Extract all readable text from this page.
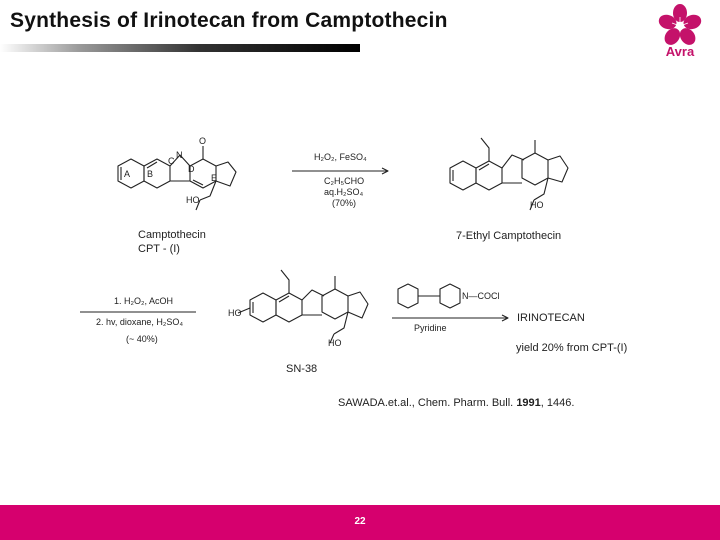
Synthesis of Irinotecan from Camptothecin
Avra
A B
C
D
E
N
O
HO	HO
HO
HO
N—COCl
H₂O₂, FeSO₄
C₂H₅CHO
aq.H₂SO₄
(70%)
1. H₂O₂, AcOH
2. hv, dioxane, H₂SO₄
(~ 40%)
Pyridine
Camptothecin
CPT - (I)
7-Ethyl Camptothecin
IRINOTECAN
yield 20% from CPT-(I)
SN-38
SAWADA.et.al., Chem. Pharm. Bull. 1991, 1446.
22
